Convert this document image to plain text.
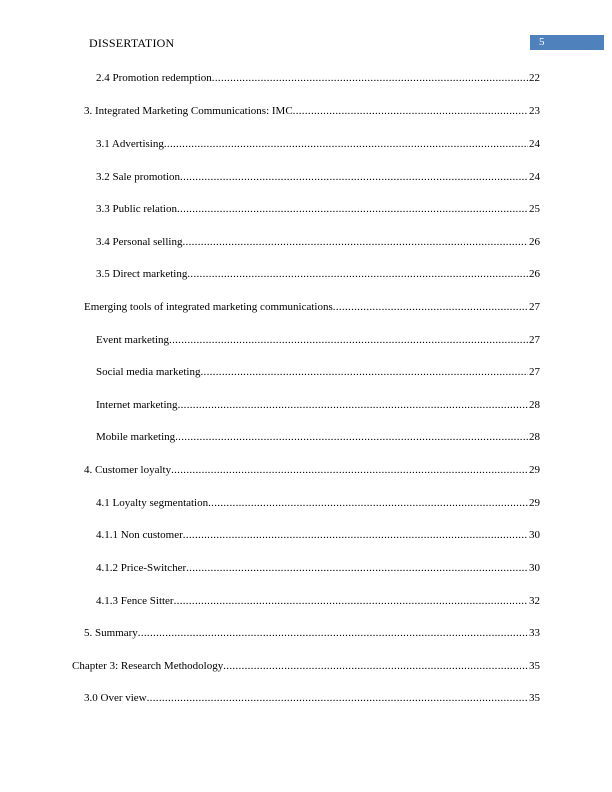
DISSERTATION	5
2.4 Promotion redemption .....	22
3. Integrated Marketing Communications: IMC .....	23
3.1 Advertising .....	24
3.2 Sale promotion .....	24
3.3 Public relation .....	25
3.4 Personal selling .....	26
3.5 Direct marketing .....	26
Emerging tools of integrated marketing communications .....	27
Event marketing .....	27
Social media marketing .....	27
Internet marketing .....	28
Mobile marketing .....	28
4. Customer loyalty .....	29
4.1 Loyalty segmentation .....	29
4.1.1 Non customer .....	30
4.1.2 Price-Switcher .....	30
4.1.3 Fence Sitter .....	32
5. Summary .....	33
Chapter 3: Research Methodology .....	35
3.0 Over view .....	35
